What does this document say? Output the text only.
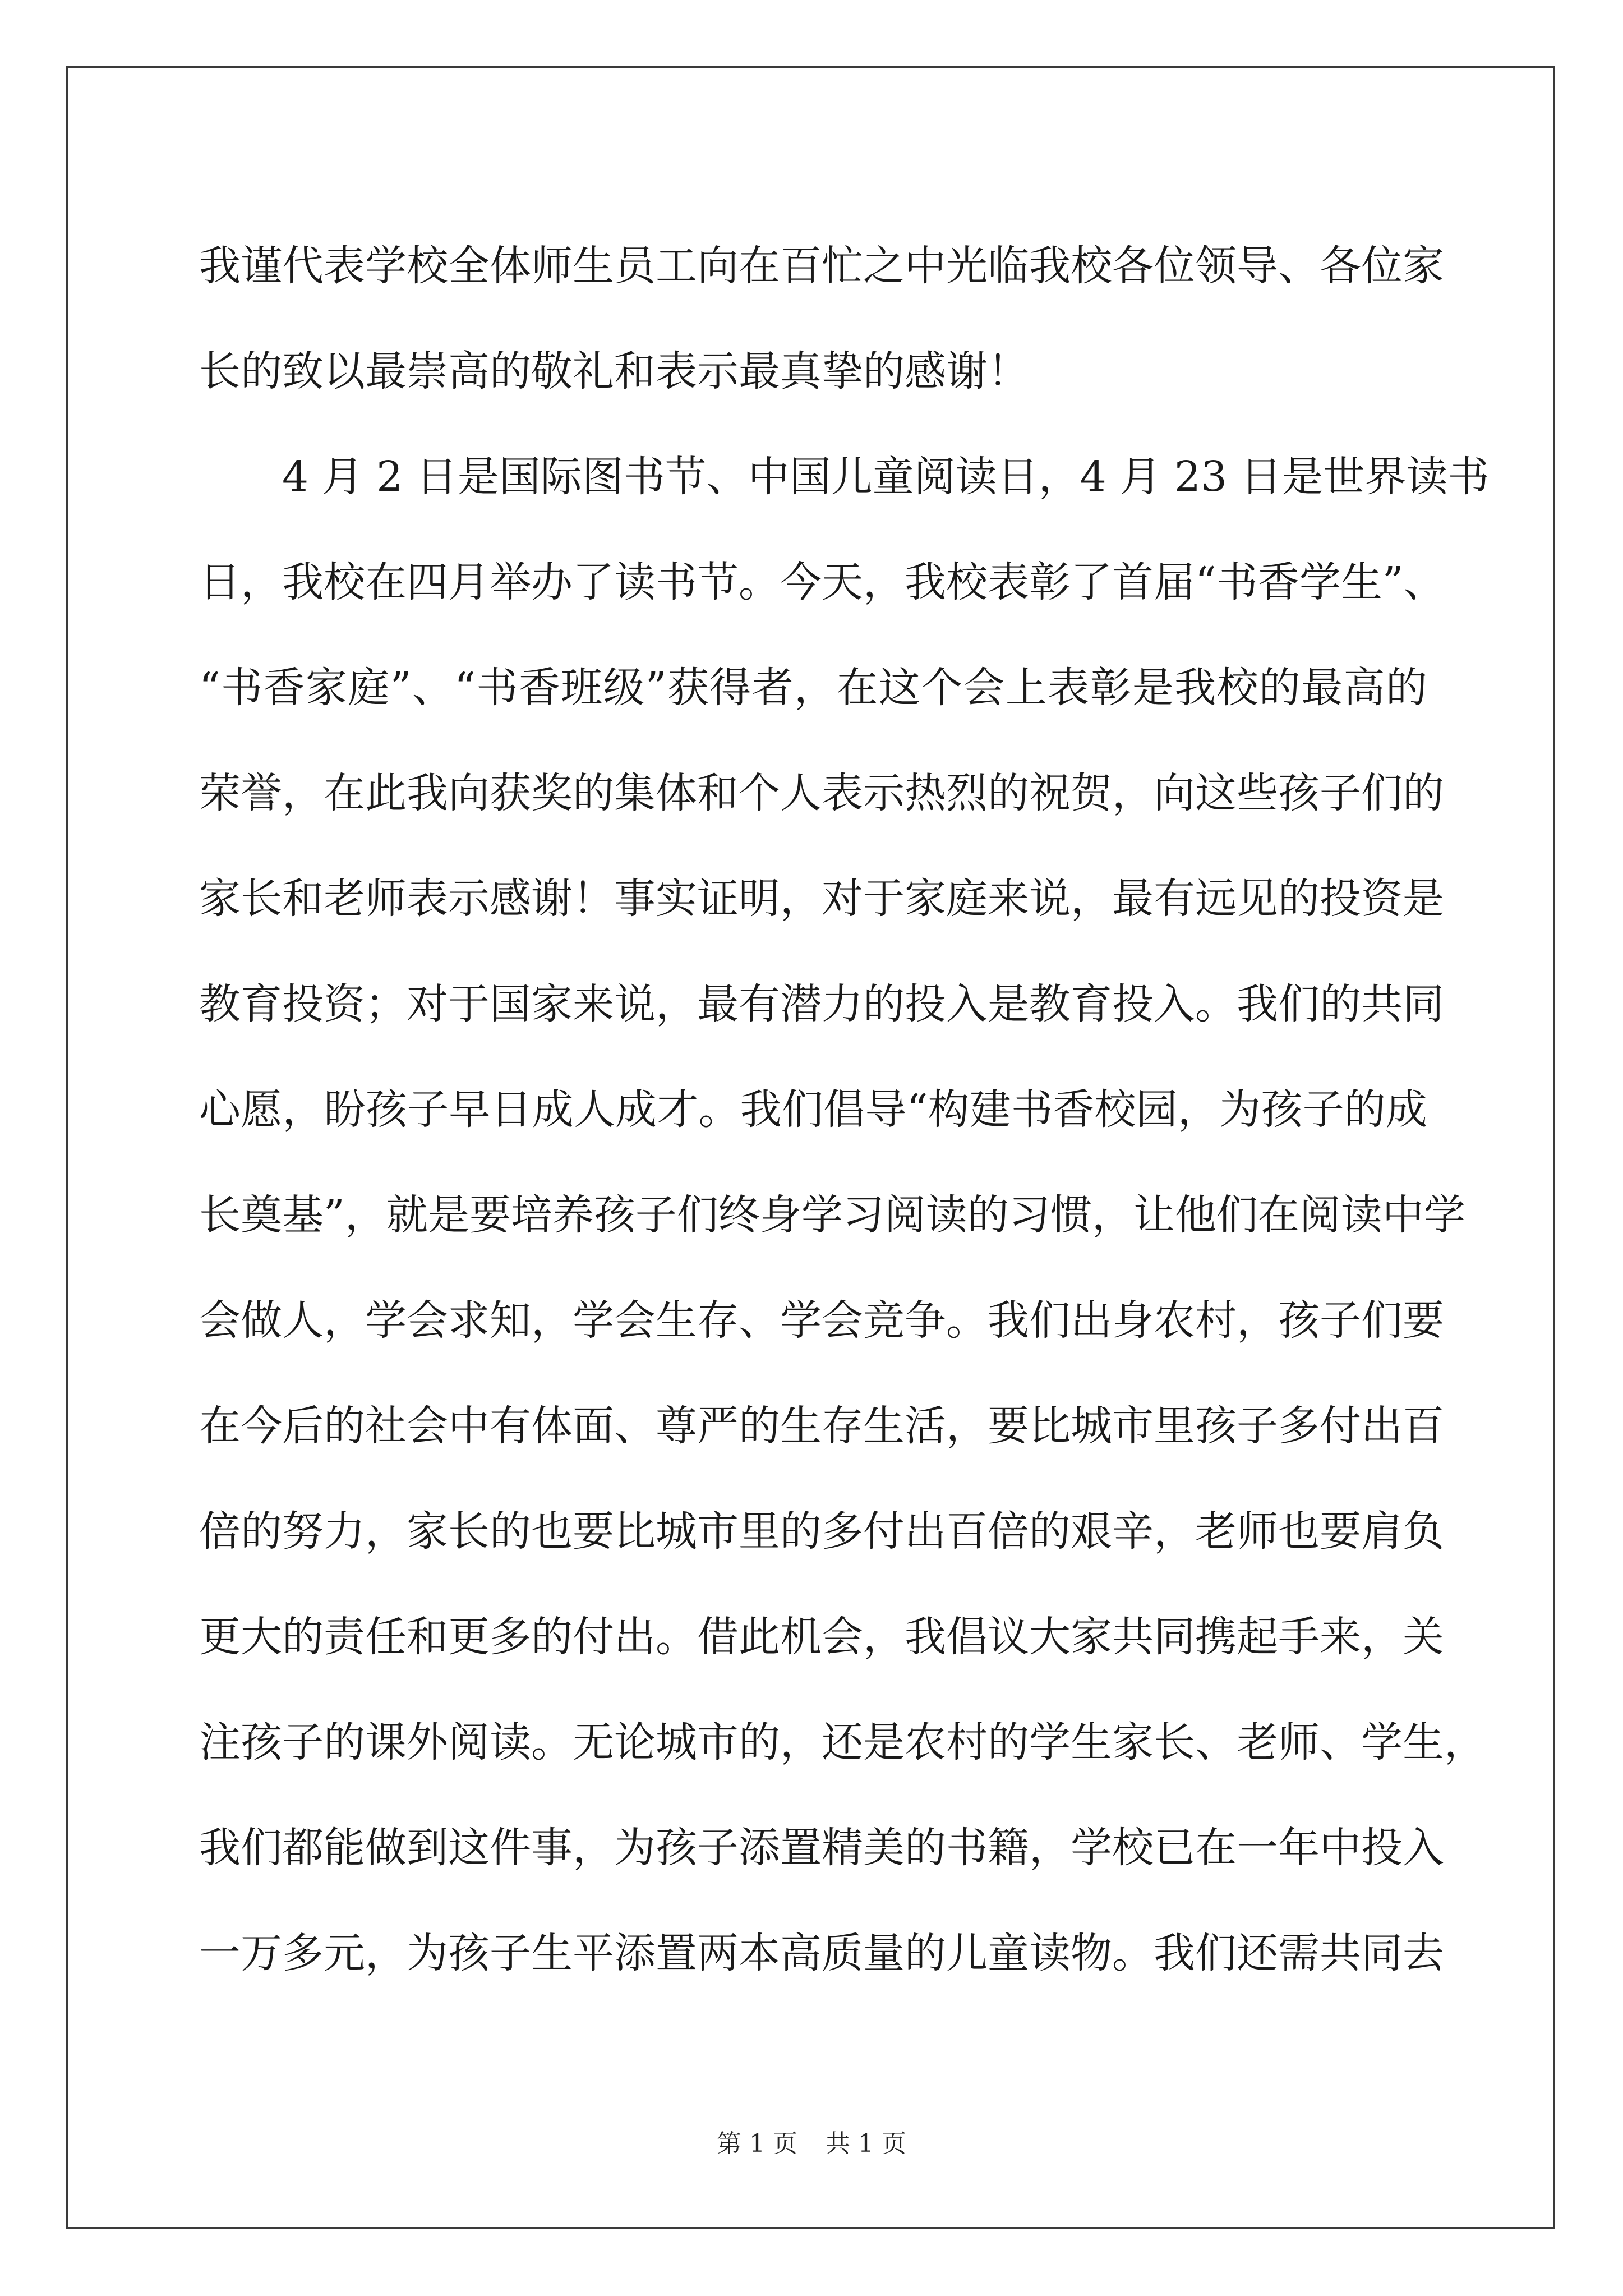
我谨代表学校全体师生员工向在百忙之中光临我校各位领导、各位家
长的致以最崇高的敬礼和表示最真挚的感谢！
4 月 2 日是国际图书节、中国儿童阅读日，4 月 23 日是世界读书
日，我校在四月举办了读书节。今天，我校表彰了首届“书香学生”、
“书香家庭”、“书香班级”获得者，在这个会上表彰是我校的最高的
荣誉，在此我向获奖的集体和个人表示热烈的祝贺，向这些孩子们的
家长和老师表示感谢！事实证明，对于家庭来说，最有远见的投资是
教育投资；对于国家来说，最有潜力的投入是教育投入。我们的共同
心愿，盼孩子早日成人成才。我们倡导“构建书香校园，为孩子的成
长奠基”，就是要培养孩子们终身学习阅读的习惯，让他们在阅读中学
会做人，学会求知，学会生存、学会竞争。我们出身农村，孩子们要
在今后的社会中有体面、尊严的生存生活，要比城市里孩子多付出百
倍的努力，家长的也要比城市里的多付出百倍的艰辛，老师也要肩负
更大的责任和更多的付出。借此机会，我倡议大家共同携起手来，关
注孩子的课外阅读。无论城市的，还是农村的学生家长、老师、学生，
我们都能做到这件事，为孩子添置精美的书籍，学校已在一年中投入
一万多元，为孩子生平添置两本高质量的儿童读物。我们还需共同去
第 1 页 共 1 页
